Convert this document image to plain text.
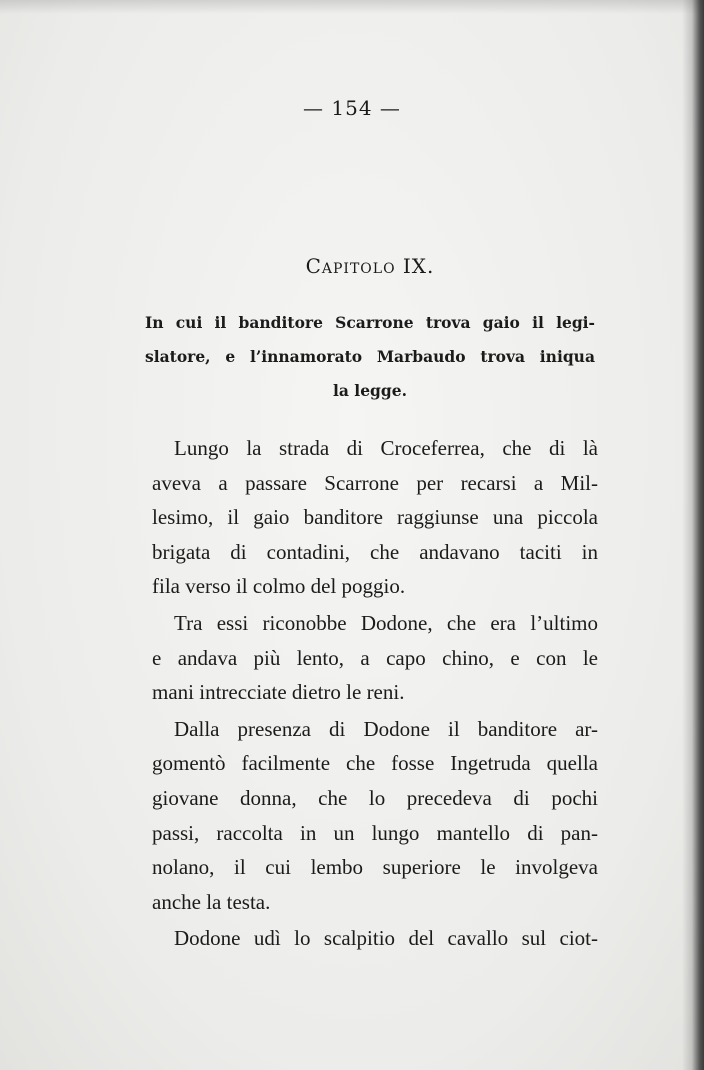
— 154 —
Capitolo IX.
In cui il banditore Scarrone trova gaio il legi-
slatore, e l’innamorato Marbaudo trova iniqua
la legge.
Lungo la strada di Croceferrea, che di là
aveva a passare Scarrone per recarsi a Mil-
lesimo, il gaio banditore raggiunse una piccola
brigata di contadini, che andavano taciti in
fila verso il colmo del poggio.
Tra essi riconobbe Dodone, che era l’ultimo
e andava più lento, a capo chino, e con le
mani intrecciate dietro le reni.
Dalla presenza di Dodone il banditore ar-
gomentò facilmente che fosse Ingetruda quella
giovane donna, che lo precedeva di pochi
passi, raccolta in un lungo mantello di pan-
nolano, il cui lembo superiore le involgeva
anche la testa.
Dodone udì lo scalpitio del cavallo sul ciot-
